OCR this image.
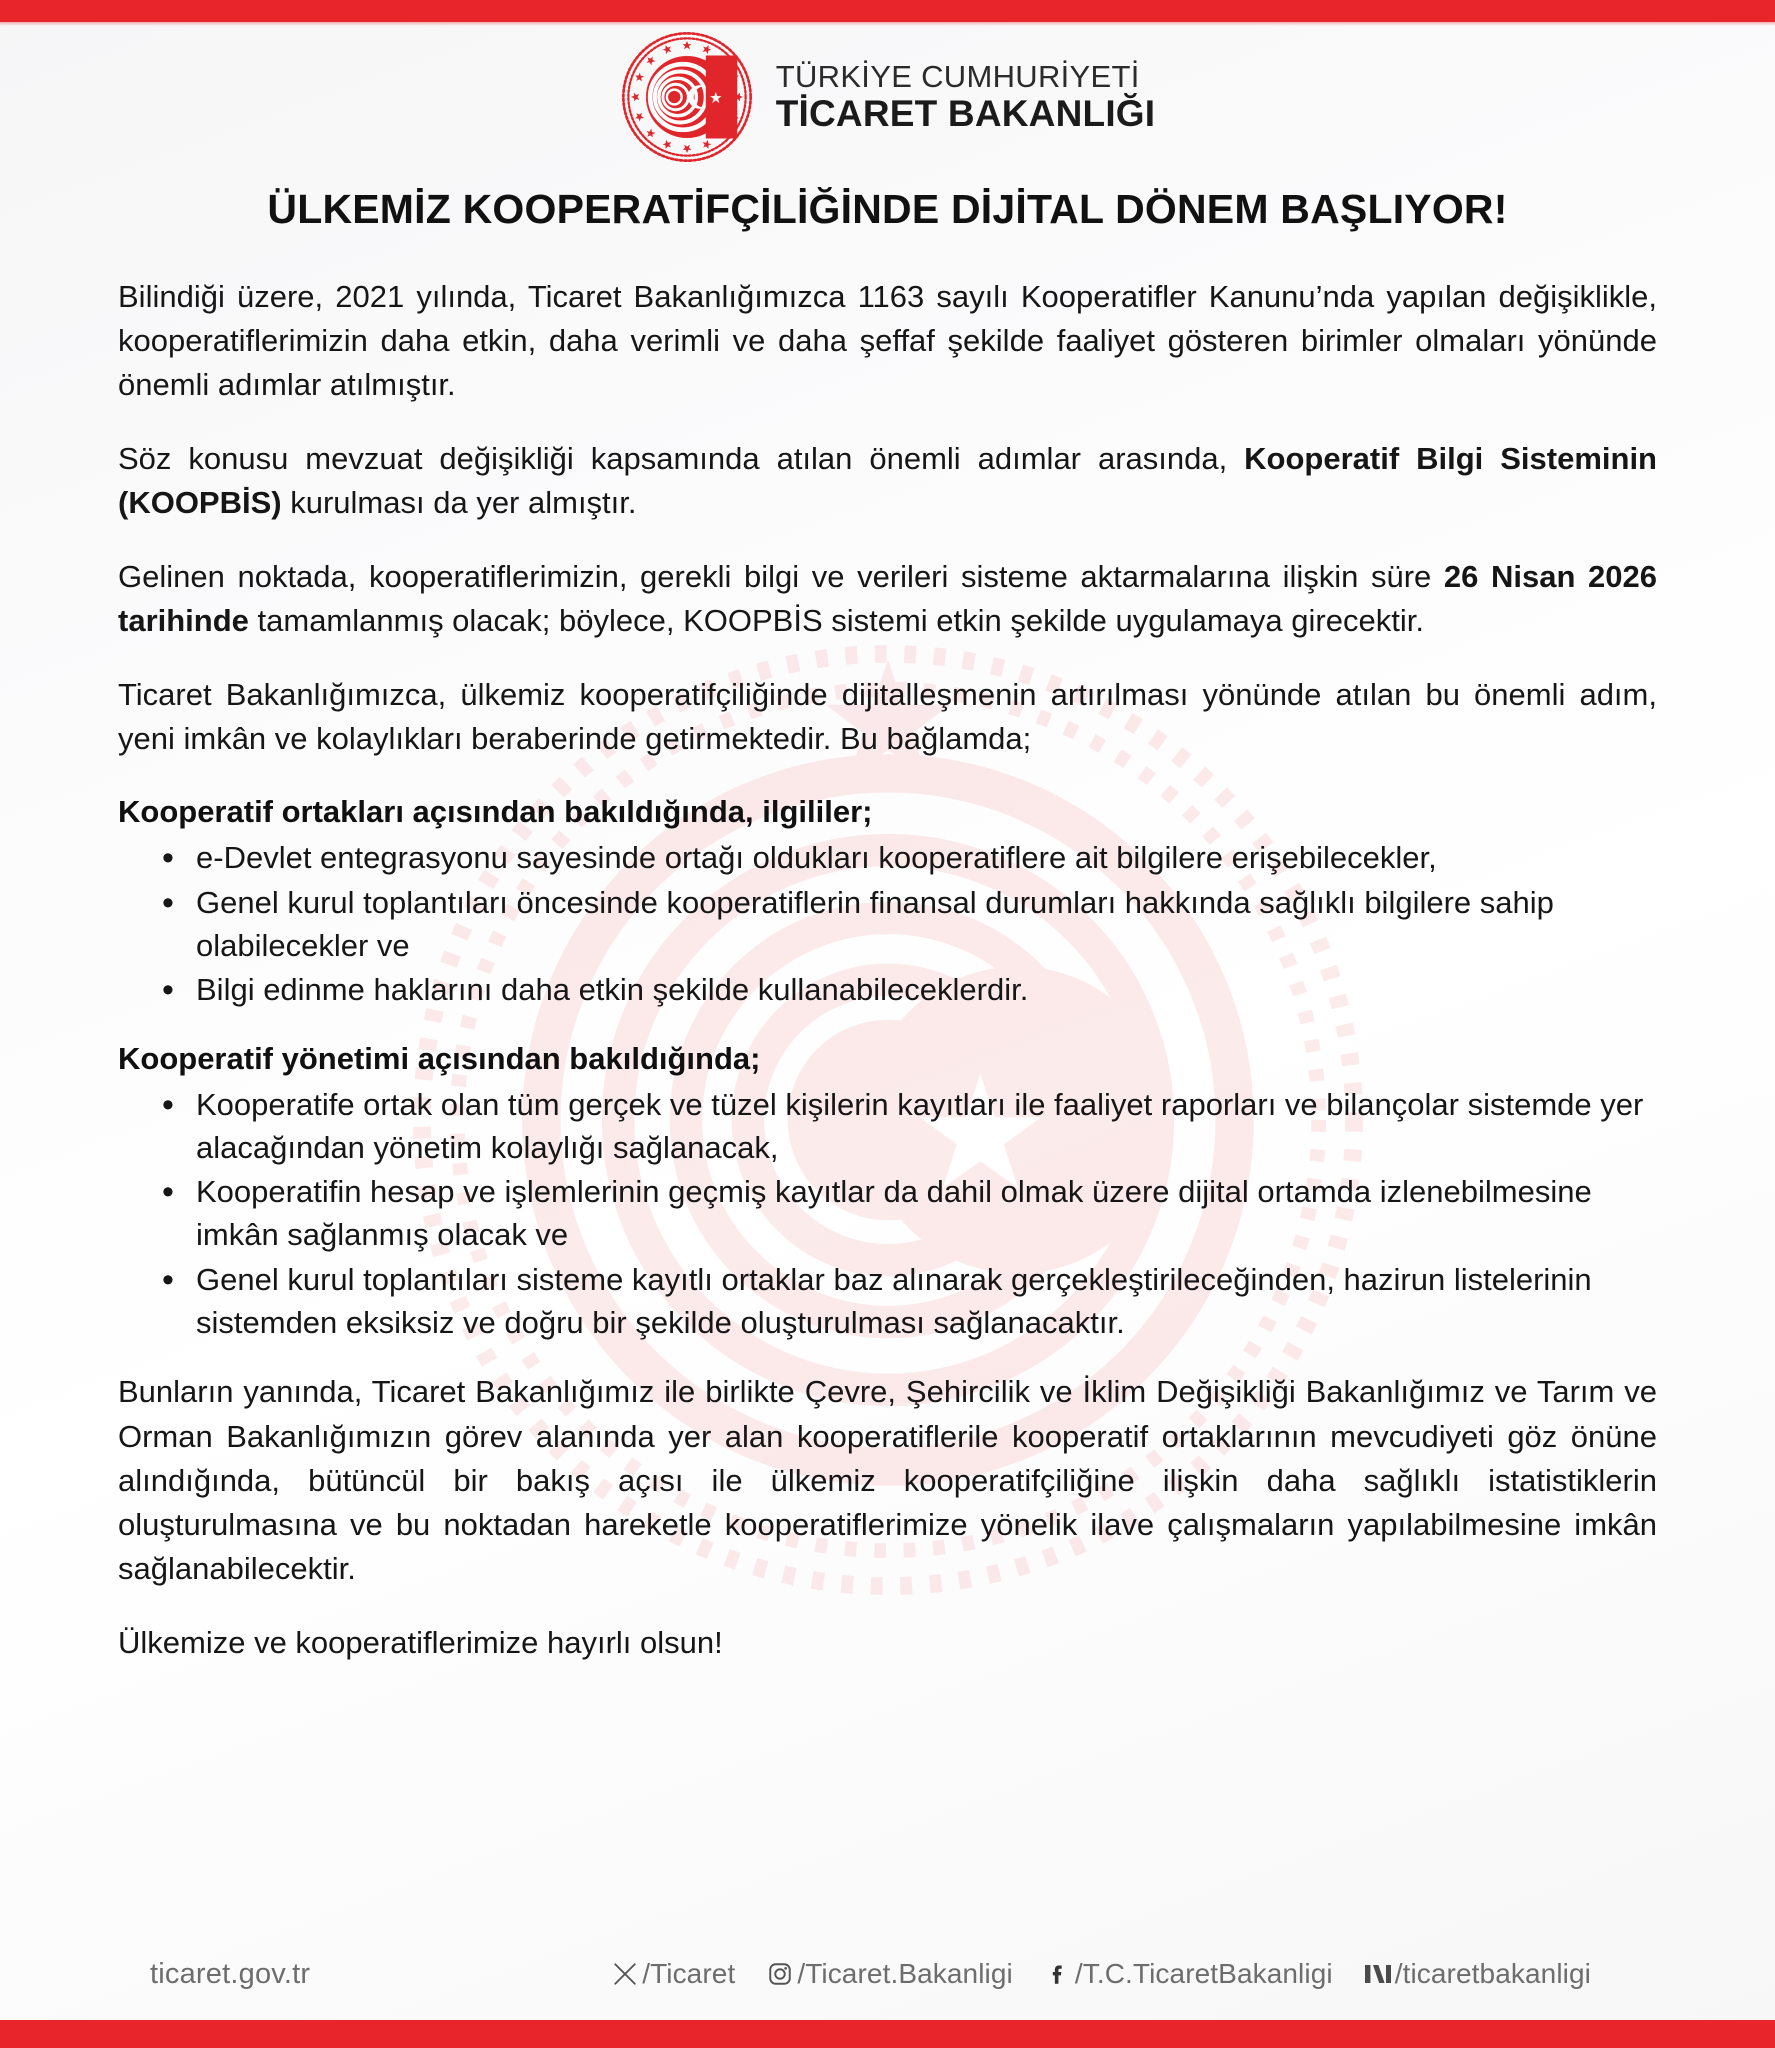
TÜRKİYE CUMHURİYETİ
TİCARET BAKANLIĞI
ÜLKEMİZ KOOPERATİFÇİLİĞİNDE DİJİTAL DÖNEM BAŞLIYOR!

Bilindiği üzere, 2021 yılında, Ticaret Bakanlığımızca 1163 sayılı Kooperatifler Kanunu’nda yapılan değişiklikle, kooperatiflerimizin daha etkin, daha verimli ve daha şeffaf şekilde faaliyet gösteren birimler olmaları yönünde önemli adımlar atılmıştır.

Söz konusu mevzuat değişikliği kapsamında atılan önemli adımlar arasında, Kooperatif Bilgi Sisteminin (KOOPBİS) kurulması da yer almıştır.

Gelinen noktada, kooperatiflerimizin, gerekli bilgi ve verileri sisteme aktarmalarına ilişkin süre 26 Nisan 2026 tarihinde tamamlanmış olacak; böylece, KOOPBİS sistemi etkin şekilde uygulamaya girecektir.

Ticaret Bakanlığımızca, ülkemiz kooperatifçiliğinde dijitalleşmenin artırılması yönünde atılan bu önemli adım, yeni imkân ve kolaylıkları beraberinde getirmektedir. Bu bağlamda;

Kooperatif ortakları açısından bakıldığında, ilgililer;
• e-Devlet entegrasyonu sayesinde ortağı oldukları kooperatiflere ait bilgilere erişebilecekler,
• Genel kurul toplantıları öncesinde kooperatiflerin finansal durumları hakkında sağlıklı bilgilere sahip olabilecekler ve
• Bilgi edinme haklarını daha etkin şekilde kullanabileceklerdir.
Kooperatif yönetimi açısından bakıldığında;
• Kooperatife ortak olan tüm gerçek ve tüzel kişilerin kayıtları ile faaliyet raporları ve bilançolar sistemde yer alacağından yönetim kolaylığı sağlanacak,
• Kooperatifin hesap ve işlemlerinin geçmiş kayıtlar da dahil olmak üzere dijital ortamda izlenebilmesine imkân sağlanmış olacak ve
• Genel kurul toplantıları sisteme kayıtlı ortaklar baz alınarak gerçekleştirileceğinden, hazirun listelerinin sistemden eksiksiz ve doğru bir şekilde oluşturulması sağlanacaktır.

Bunların yanında, Ticaret Bakanlığımız ile birlikte Çevre, Şehircilik ve İklim Değişikliği Bakanlığımız ve Tarım ve Orman Bakanlığımızın görev alanında yer alan kooperatiflerile kooperatif ortaklarının mevcudiyeti göz önüne alındığında, bütüncül bir bakış açısı ile ülkemiz kooperatifçiliğine ilişkin daha sağlıklı istatistiklerin oluşturulmasına ve bu noktadan hareketle kooperatiflerimize yönelik ilave çalışmaların yapılabilmesine imkân sağlanabilecektir.

Ülkemize ve kooperatiflerimize hayırlı olsun!

ticaret.gov.tr	/Ticaret /Ticaret.Bakanligi /T.C.TicaretBakanligi /ticaretbakanligi
